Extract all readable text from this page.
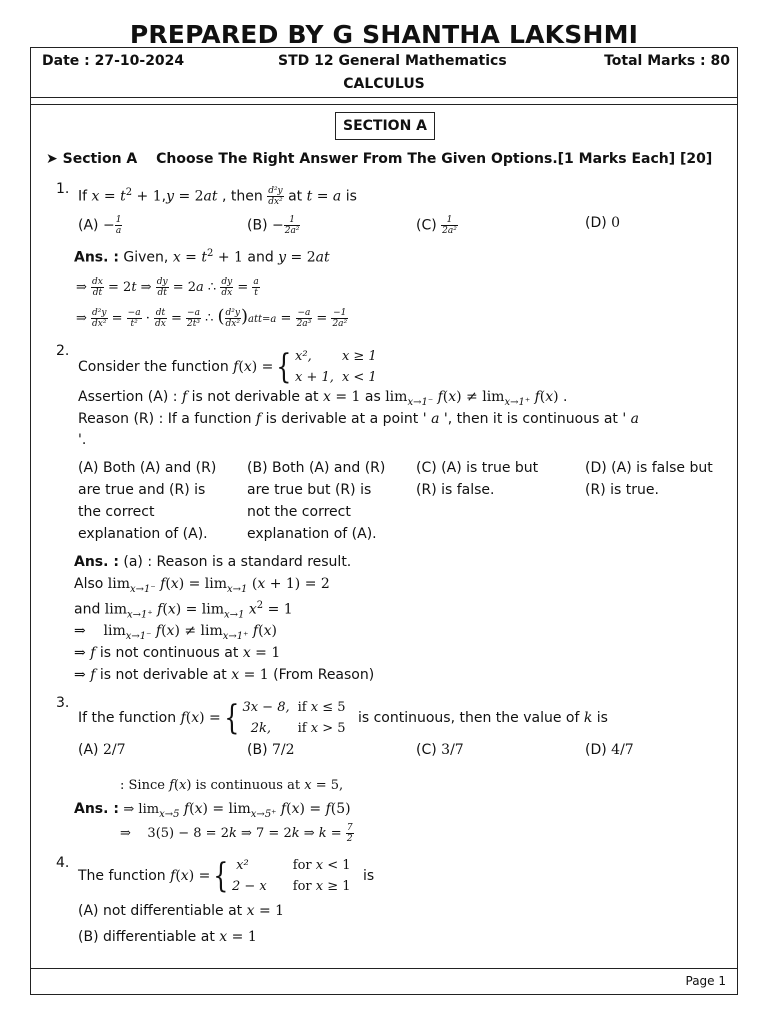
PREPARED BY G SHANTHA LAKSHMI
Date : 27-10-2024	STD 12 General Mathematics	Total Marks : 80
CALCULUS
SECTION A
➤ Section A Choose The Right Answer From The Given Options.[1 Marks Each] [20]
1. If $x = t^2 + 1,y = 2at$ , then $\frac{\text{d²y}}{\text{dx²}}$ at t = a is
$(A) - \frac{1}{a}$	$(B) - \frac{1}{\text{2a²}}$	$(C) \frac{1}{\text{2a²}}$	(D) 0
Ans. : Given, $x = t^2 + 1$ and y = 2at
⇒ $\frac{dx}{dt} = 2t$ ⇒ $\frac{dy}{dt} = 2a$ ∴ $\frac{dy}{dx} = \frac{a}{t}$
⇒ $\frac{\text{d²y}}{\text{dx²}} = \frac{-a}{\text{t²}} \cdot \frac{dt}{dx} = \frac{-a}{\text{2t³}}$ ∴ ( $\frac{\text{d²y}}{\text{dx²}} )att=a = \frac{-a}{\text{2a³}} = \frac{-1}{\text{2a²}}$
2.
Consider the function f(x) ={ x²,	x ≥ 1
x + 1,	x < 1
Assertion (A) : f is not derivable at x = 1 as $\lim_{x\to 1^-} f(x) \ne \lim_{x\to 1^+} f(x)$ .
Reason (R) : If a function f is derivable at a point ' a ', then it is continuous at ' a
'.
(A) Both (A) and (R) are true and (R) is the correct explanation of (A).
(B) Both (A) and (R) are true but (R) is not the correct explanation of (A).
(C) (A) is true but (R) is false.
(D) (A) is false but (R) is true.
Ans. : (a) : Reason is a standard result.
Also $\lim_{x\to 1^-} f(x) = \lim_{x\to 1} (x + 1) = 2$
and $\lim_{x\to 1^+} f(x) = \lim_{x\to 1} x^2 = 1$
⇒    $\lim_{x\to 1^-} f(x) \ne \lim_{x\to 1^+} f(x)$
⇒ f is not continuous at x = 1
⇒ f is not derivable at x = 1 (From Reason)
3.
If the function f(x) ={ 3x − 8,	if x ≤ 5
2k,	if x > 5 is continuous, then the value of k is
(A) 2/7	(B) 7/2	(C) 3/7	(D) 4/7
: Since f(x) is continuous at x = 5,
Ans. : ⇒ $\lim_{x\to 5} f(x) = \lim_{x\to 5^+} f(x) = f(5)$
⇒    3(5) − 8 = 2k ⇒ 7 = 2k ⇒ $k = \frac{7}{2}$
4.
The function f(x) ={ x²	for x < 1
2 − x	for x ≥ 1 is
(A) not differentiable at x = 1
(B) differentiable at x = 1
Page 1
